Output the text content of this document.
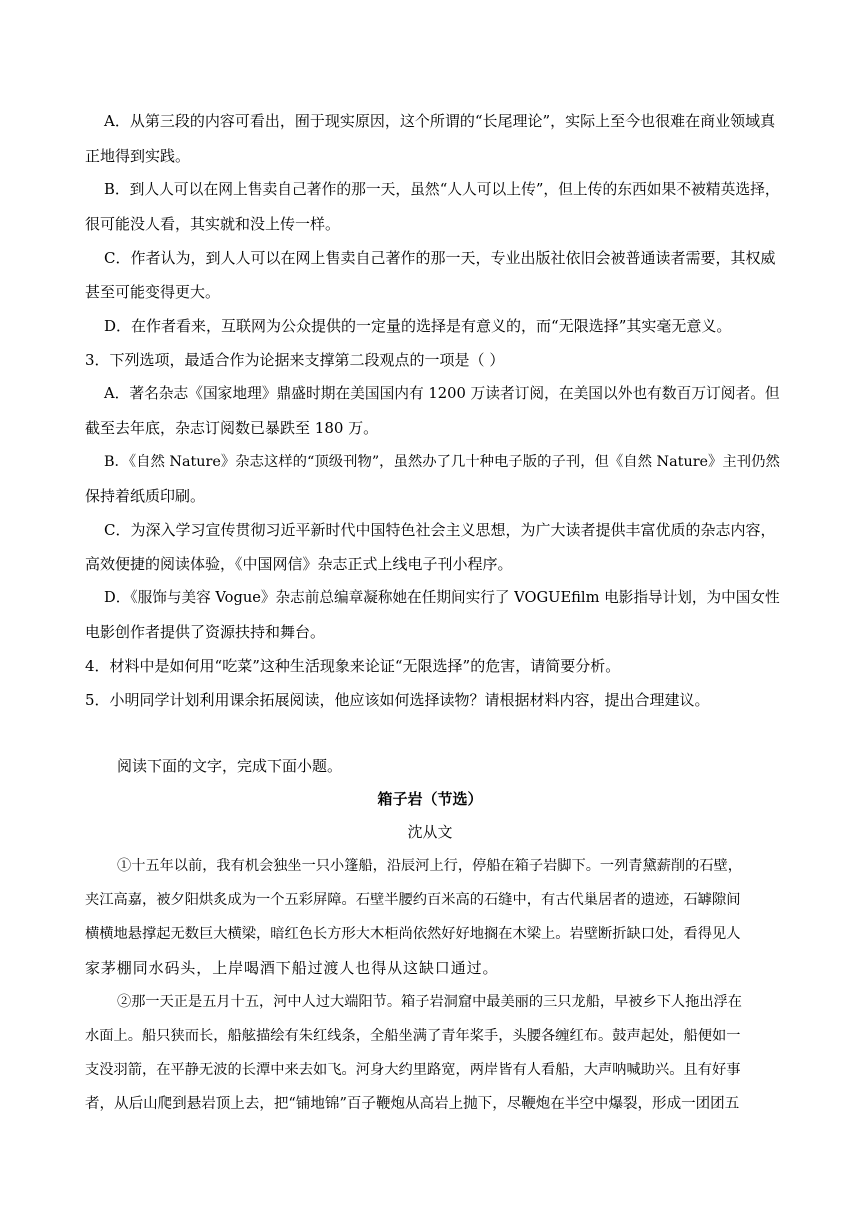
A．从第三段的内容可看出，囿于现实原因，这个所谓的“长尾理论”，实际上至今也很难在商业领域真
正地得到实践。
B．到人人可以在网上售卖自己著作的那一天，虽然“人人可以上传”，但上传的东西如果不被精英选择，
很可能没人看，其实就和没上传一样。
C．作者认为，到人人可以在网上售卖自己著作的那一天，专业出版社依旧会被普通读者需要，其权威
甚至可能变得更大。
D．在作者看来，互联网为公众提供的一定量的选择是有意义的，而“无限选择”其实毫无意义。
3．下列选项，最适合作为论据来支撑第二段观点的一项是（ ）
A．著名杂志《国家地理》鼎盛时期在美国国内有 1200 万读者订阅，在美国以外也有数百万订阅者。但
截至去年底，杂志订阅数已暴跌至 180 万。
B．《自然 Nature》杂志这样的“顶级刊物”，虽然办了几十种电子版的子刊，但《自然 Nature》主刊仍然
保持着纸质印刷。
C．为深入学习宣传贯彻习近平新时代中国特色社会主义思想，为广大读者提供丰富优质的杂志内容，
高效便捷的阅读体验，《中国网信》杂志正式上线电子刊小程序。
D．《服饰与美容 Vogue》杂志前总编章凝称她在任期间实行了 VOGUEfilm 电影指导计划，为中国女性
电影创作者提供了资源扶持和舞台。
4．材料中是如何用“吃菜”这种生活现象来论证“无限选择”的危害，请简要分析。
5．小明同学计划利用课余拓展阅读，他应该如何选择读物？请根据材料内容，提出合理建议。
阅读下面的文字，完成下面小题。
箱子岩（节选）
沈从文
①十五年以前，我有机会独坐一只小篷船，沿辰河上行，停船在箱子岩脚下。一列青黛薪削的石壁，
夹江高嘉，被夕阳烘炙成为一个五彩屏障。石壁半腰约百米高的石缝中，有古代巢居者的遗迹，石罅隙间
横横地悬撑起无数巨大横梁，暗红色长方形大木柜尚依然好好地搁在木梁上。岩壁断折缺口处，看得见人
家茅棚同水码头，上岸喝酒下船过渡人也得从这缺口通过。
②那一天正是五月十五，河中人过大端阳节。箱子岩洞窟中最美丽的三只龙船，早被乡下人拖出浮在
水面上。船只狭而长，船舷描绘有朱红线条，全船坐满了青年桨手，头腰各缠红布。鼓声起处，船便如一
支没羽箭，在平静无波的长潭中来去如飞。河身大约里路宽，两岸皆有人看船，大声呐喊助兴。且有好事
者，从后山爬到悬岩顶上去，把“铺地锦”百子鞭炮从高岩上抛下，尽鞭炮在半空中爆裂，形成一团团五
